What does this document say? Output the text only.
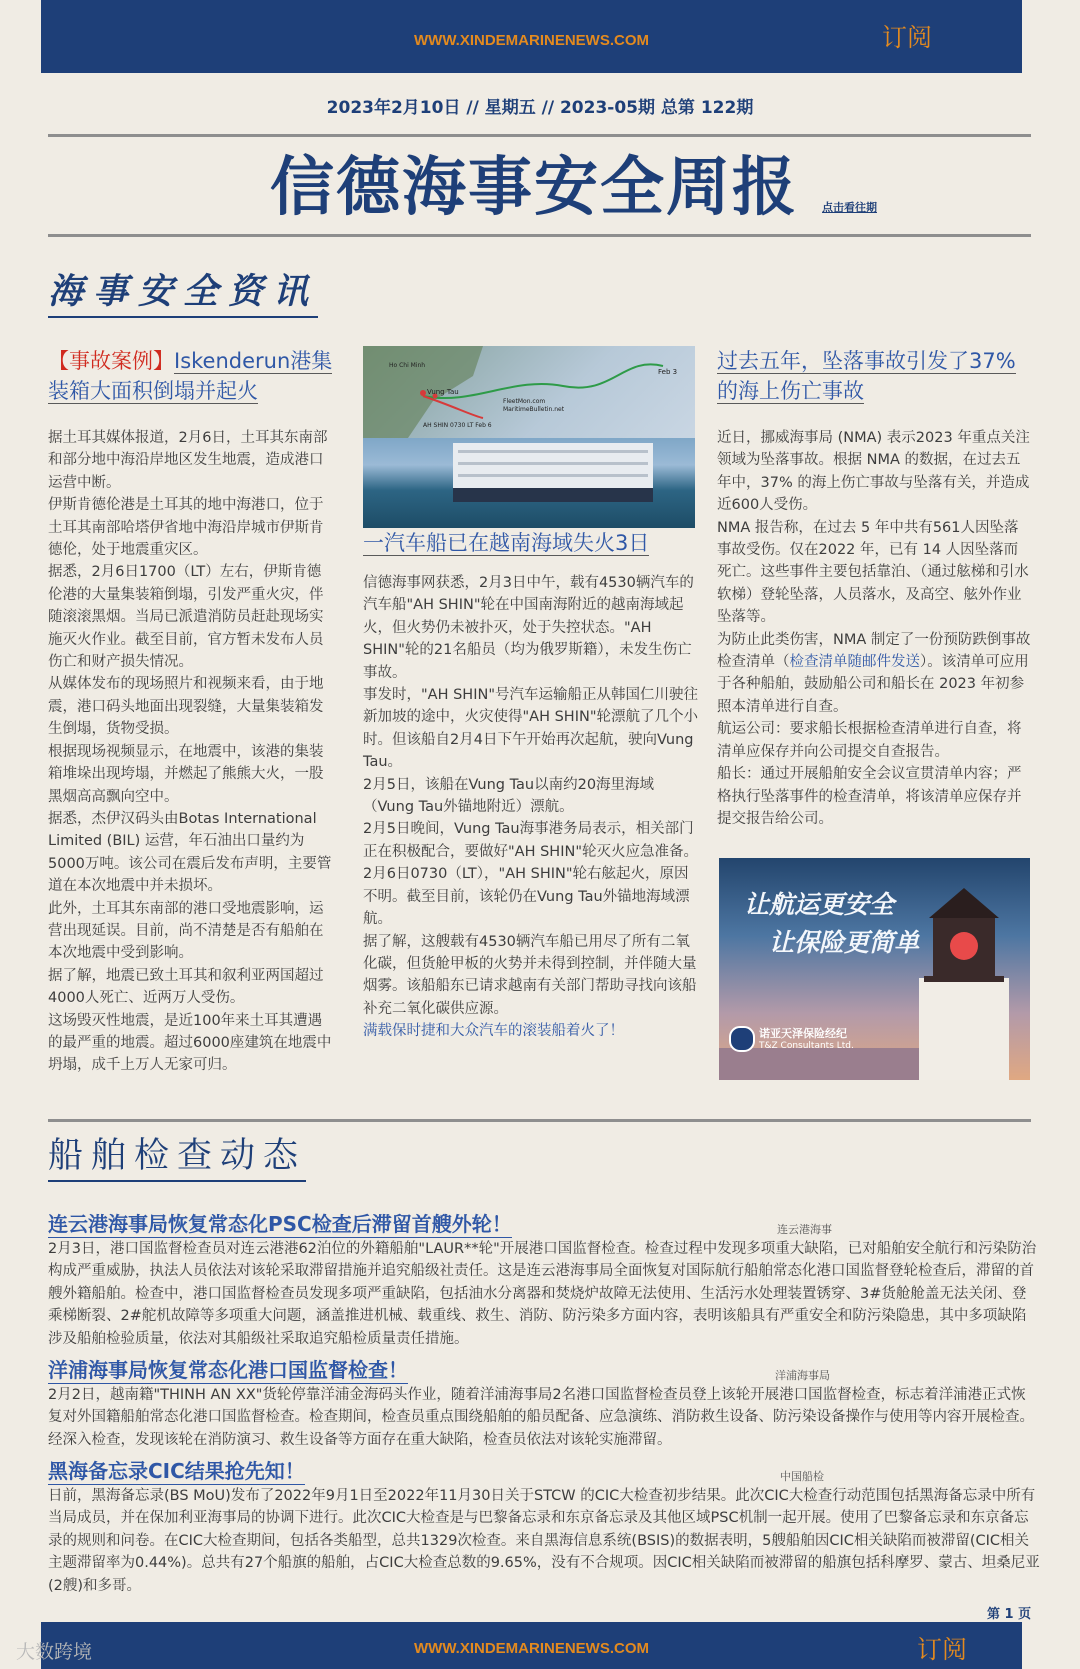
WWW.XINDEMARINENEWS.COM	订阅
2023年2月10日 // 星期五 // 2023-05期 总第 122期
信德海事安全周报 点击看往期
海事安全资讯
【事故案例】Iskenderun港集装箱大面积倒塌并起火

据土耳其媒体报道，2月6日，土耳其东南部和部分地中海沿岸地区发生地震，造成港口运营中断。

伊斯肯德伦港是土耳其的地中海港口，位于土耳其南部哈塔伊省地中海沿岸城市伊斯肯德伦，处于地震重灾区。

据悉，2月6日1700（LT）左右，伊斯肯德伦港的大量集装箱倒塌，引发严重火灾，伴随滚滚黑烟。当局已派遣消防员赶赴现场实施灭火作业。截至目前，官方暂未发布人员伤亡和财产损失情况。

从媒体发布的现场照片和视频来看，由于地震，港口码头地面出现裂缝，大量集装箱发生倒塌，货物受损。

根据现场视频显示，在地震中，该港的集装箱堆垛出现垮塌，并燃起了熊熊大火，一股黑烟高高飘向空中。

据悉，杰伊汉码头由Botas International Limited (BIL) 运营，年石油出口量约为5000万吨。该公司在震后发布声明，主要管道在本次地震中并未损坏。

此外，土耳其东南部的港口受地震影响，运营出现延误。目前，尚不清楚是否有船舶在本次地震中受到影响。

据了解，地震已致土耳其和叙利亚两国超过4000人死亡、近两万人受伤。

这场毁灭性地震，是近100年来土耳其遭遇的最严重的地震。超过6000座建筑在地震中坍塌，成千上万人无家可归。

Ho Chi Minh
Vung Tau
Feb 3
FleetMon.com
MaritimeBulletin.net
AH SHIN 0730 LT Feb 6
一汽车船已在越南海域失火3日

信德海事网获悉，2月3日中午，载有4530辆汽车的汽车船"AH SHIN"轮在中国南海附近的越南海域起火，但火势仍未被扑灭，处于失控状态。"AH SHIN"轮的21名船员（均为俄罗斯籍），未发生伤亡事故。

事发时，"AH SHIN"号汽车运输船正从韩国仁川驶往新加坡的途中，火灾使得"AH SHIN"轮漂航了几个小时。但该船自2月4日下午开始再次起航，驶向Vung Tau。

2月5日，该船在Vung Tau以南约20海里海域（Vung Tau外锚地附近）漂航。

2月5日晚间，Vung Tau海事港务局表示，相关部门正在积极配合，要做好"AH SHIN"轮灭火应急准备。

2月6日0730（LT），"AH SHIN"轮右舷起火，原因不明。截至目前，该轮仍在Vung Tau外锚地海域漂航。

据了解，这艘载有4530辆汽车船已用尽了所有二氧化碳，但货舱甲板的火势并未得到控制，并伴随大量烟雾。该船船东已请求越南有关部门帮助寻找向该船补充二氧化碳供应源。

满载保时捷和大众汽车的滚装船着火了！

过去五年，坠落事故引发了37%的海上伤亡事故

近日，挪威海事局 (NMA) 表示2023 年重点关注领域为坠落事故。根据 NMA 的数据，在过去五年中，37% 的海上伤亡事故与坠落有关，并造成近600人受伤。

NMA 报告称，在过去 5 年中共有561人因坠落事故受伤。仅在2022 年，已有 14 人因坠落而死亡。这些事件主要包括靠泊、（通过舷梯和引水软梯）登轮坠落，人员落水，及高空、舷外作业坠落等。

为防止此类伤害，NMA 制定了一份预防跌倒事故检查清单（检查清单随邮件发送）。该清单可应用于各种船舶，鼓励船公司和船长在 2023 年初参照本清单进行自查。

航运公司：要求船长根据检查清单进行自查，将清单应保存并向公司提交自查报告。

船长：通过开展船舶安全会议宣贯清单内容；严格执行坠落事件的检查清单，将该清单应保存并提交报告给公司。

让航运更安全
让保险更简单
诺亚天泽保险经纪
T&Z Consultants Ltd.
船舶检查动态
连云港海事局恢复常态化PSC检查后滞留首艘外轮！	连云港海事
2月3日，港口国监督检查员对连云港港62泊位的外籍船舶"LAUR**轮"开展港口国监督检查。检查过程中发现多项重大缺陷，已对船舶安全航行和污染防治构成严重威胁，执法人员依法对该轮采取滞留措施并追究船级社责任。这是连云港海事局全面恢复对国际航行船舶常态化港口国监督登轮检查后，滞留的首艘外籍船舶。检查中，港口国监督检查员发现多项严重缺陷，包括油水分离器和焚烧炉故障无法使用、生活污水处理装置锈穿、3#货舱舱盖无法关闭、登乘梯断裂、2#舵机故障等多项重大问题，涵盖推进机械、载重线、救生、消防、防污染多方面内容，表明该船具有严重安全和防污染隐患，其中多项缺陷涉及船舶检验质量，依法对其船级社采取追究船检质量责任措施。
洋浦海事局恢复常态化港口国监督检查！	洋浦海事局
2月2日，越南籍"THINH AN XX"货轮停靠洋浦金海码头作业，随着洋浦海事局2名港口国监督检查员登上该轮开展港口国监督检查，标志着洋浦港正式恢复对外国籍船舶常态化港口国监督检查。检查期间，检查员重点围绕船舶的船员配备、应急演练、消防救生设备、防污染设备操作与使用等内容开展检查。经深入检查，发现该轮在消防演习、救生设备等方面存在重大缺陷，检查员依法对该轮实施滞留。
黑海备忘录CIC结果抢先知！	中国船检
日前，黑海备忘录(BS MoU)发布了2022年9月1日至2022年11月30日关于STCW 的CIC大检查初步结果。此次CIC大检查行动范围包括黑海备忘录中所有当局成员，并在保加利亚海事局的协调下进行。此次CIC大检查是与巴黎备忘录和东京备忘录及其他区域PSC机制一起开展。使用了巴黎备忘录和东京备忘录的规则和问卷。在CIC大检查期间，包括各类船型，总共1329次检查。来自黑海信息系统(BSIS)的数据表明，5艘船舶因CIC相关缺陷而被滞留(CIC相关主题滞留率为0.44%)。总共有27个船旗的船舶，占CIC大检查总数的9.65%，没有不合规项。因CIC相关缺陷而被滞留的船旗包括科摩罗、蒙古、坦桑尼亚(2艘)和多哥。
第 1 页
WWW.XINDEMARINENEWS.COM	订阅
大数跨境
